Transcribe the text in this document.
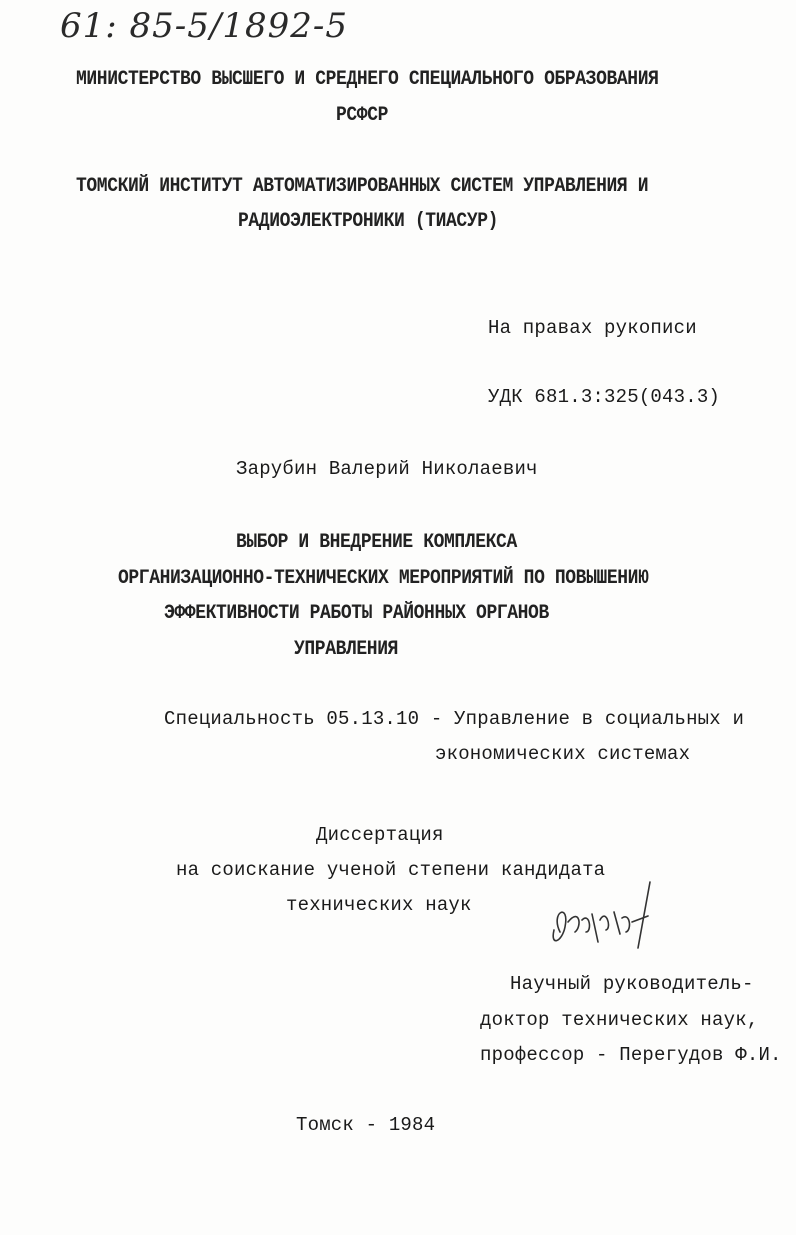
61: 85-5/1892-5
МИНИСТЕРСТВО ВЫСШЕГО И СРЕДНЕГО СПЕЦИАЛЬНОГО ОБРАЗОВАНИЯ
РСФСР
ТОМСКИЙ ИНСТИТУТ АВТОМАТИЗИРОВАННЫХ СИСТЕМ УПРАВЛЕНИЯ И
РАДИОЭЛЕКТРОНИКИ (ТИАСУР)
На правах рукописи
УДК 681.3:325(043.3)
Зарубин Валерий Николаевич
ВЫБОР И ВНЕДРЕНИЕ КОМПЛЕКСА
ОРГАНИЗАЦИОННО-ТЕХНИЧЕСКИХ МЕРОПРИЯТИЙ ПО ПОВЫШЕНИЮ
ЭФФЕКТИВНОСТИ РАБОТЫ РАЙОННЫХ ОРГАНОВ
УПРАВЛЕНИЯ
Специальность 05.13.10 - Управление в социальных и
экономических системах
Диссертация
на соискание ученой степени кандидата
технических наук
Научный руководитель-
доктор технических наук,
профессор - Перегудов Ф.И.
Томск - 1984
